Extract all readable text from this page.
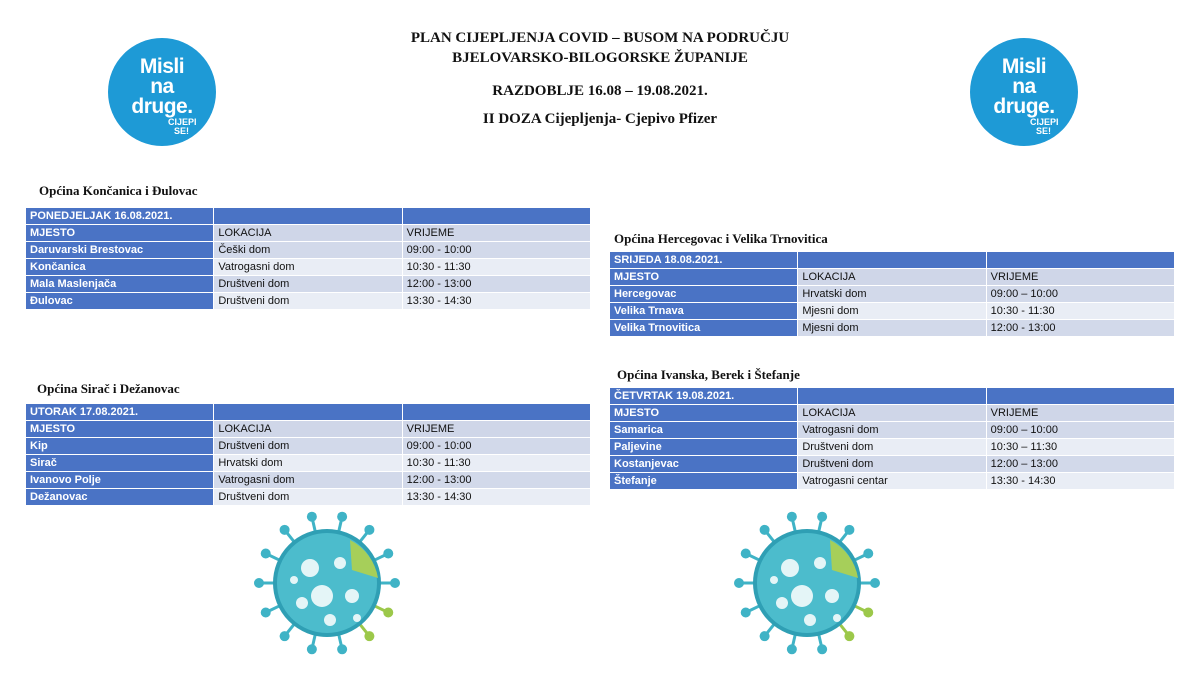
PLAN CIJEPLJENJA COVID – BUSOM NA PODRUČJU
BJELOVARSKO-BILOGORSKE ŽUPANIJE
RAZDOBLJE 16.08 – 19.08.2021.
II DOZA Cijepljenja- Cjepivo Pfizer
Misli
na
druge.
CIJEPI
SE!
Misli
na
druge.
CIJEPI
SE!
Općina Končanica i Đulovac
PONEDJELJAK 16.08.2021.		
MJESTO	LOKACIJA	VRIJEME
Daruvarski Brestovac	Češki dom	09:00 - 10:00
Končanica	Vatrogasni dom	10:30 - 11:30
Mala Maslenjača	Društveni dom	12:00 - 13:00
Đulovac	Društveni dom	13:30 - 14:30
Općina Sirač i Dežanovac
UTORAK 17.08.2021.		
MJESTO	LOKACIJA	VRIJEME
Kip	Društveni dom	09:00 - 10:00
Sirač	Hrvatski dom	10:30 - 11:30
Ivanovo Polje	Vatrogasni dom	12:00 - 13:00
Dežanovac	Društveni dom	13:30 - 14:30
Općina Hercegovac i Velika Trnovitica
SRIJEDA 18.08.2021.		
MJESTO	LOKACIJA	VRIJEME
Hercegovac	Hrvatski dom	09:00 – 10:00
Velika Trnava	Mjesni dom	10:30 - 11:30
Velika Trnovitica	Mjesni dom	12:00 - 13:00
Općina Ivanska, Berek i Štefanje
ČETVRTAK 19.08.2021.		
MJESTO	LOKACIJA	VRIJEME
Samarica	Vatrogasni dom	09:00 – 10:00
Paljevine	Društveni dom	10:30 – 11:30
Kostanjevac	Društveni dom	12:00 – 13:00
Štefanje	Vatrogasni centar	13:30 - 14:30
